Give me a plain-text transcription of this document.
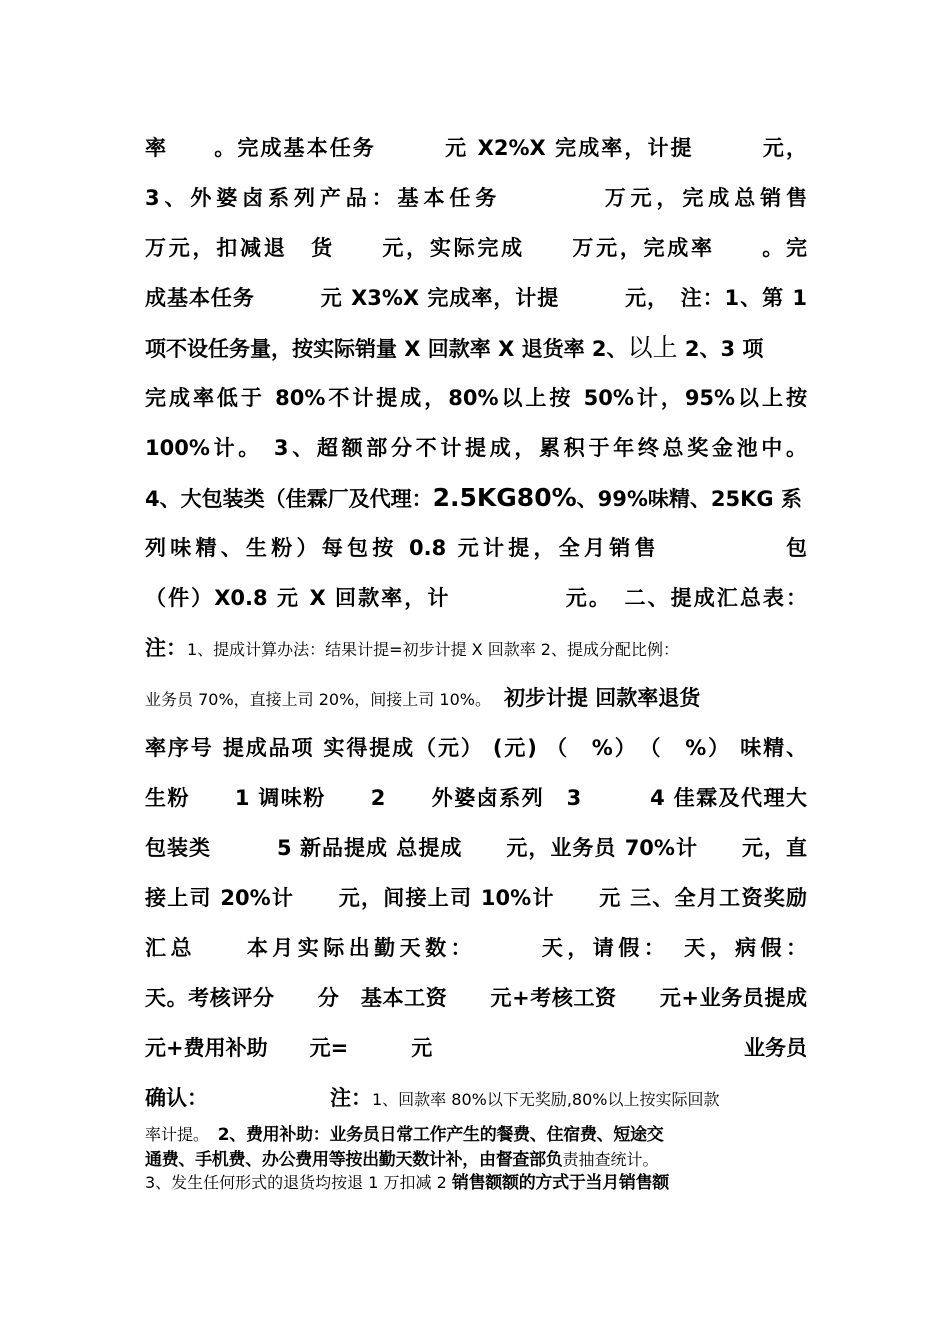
率　　。完成基本任务　　　元 X2%X 完成率，计提　　　元，
3、外婆卤系列产品：基本任务　　　　万元，完成总销售
万元，扣减退　货　　元，实际完成　　万元，完成率　　。完
成基本任务　　　元 X3%X 完成率，计提　　　元，　注：1、第 1
项不设任务量，按实际销量 X 回款率 X 退货率 2、以上 2、3 项
完成率低于 80%不计提成，80%以上按 50%计，95%以上按
100%计。 3、超额部分不计提成，累积于年终总奖金池中。
4、大包装类（佳霖厂及代理：2.5KG80%、99%味精、25KG 系
列味精、生粉）每包按 0.8 元计提，全月销售　　　　　包
（件）X0.8 元 X 回款率，计　　　　　元。　二、提成汇总表：
注：1、提成计算办法：结果计提=初步计提 X 回款率 2、提成分配比例：
业务员 70%，直接上司 20%，间接上司 10%。　初步计提 回款率退货
率序号 提成品项 实得提成（元） (元) （　%）　（　%） 味精、
生粉　　1 调味粉　　2　　外婆卤系列　3　　　4 佳霖及代理大
包装类　　　5 新品提成 总提成　　元，业务员 70%计　　元，直
接上司 20%计　　元，间接上司 10%计　　元 三、全月工资奖励
汇总　　本月实际出勤天数：　　　天，请假：　天，病假：
天。考核评分　　分　基本工资　　元+考核工资　　元+业务员提成
元+费用补助　　元=　　　元	业务员
确认：	注：1、回款率 80%以下无奖励,80%以上按实际回款
率计提。　2、费用补助：业务员日常工作产生的餐费、住宿费、短途交
通费、手机费、办公费用等按出勤天数计补，由督查部负责抽查统计。
3、发生任何形式的退货均按退 1 万扣减 2 销售额额的方式于当月销售额
